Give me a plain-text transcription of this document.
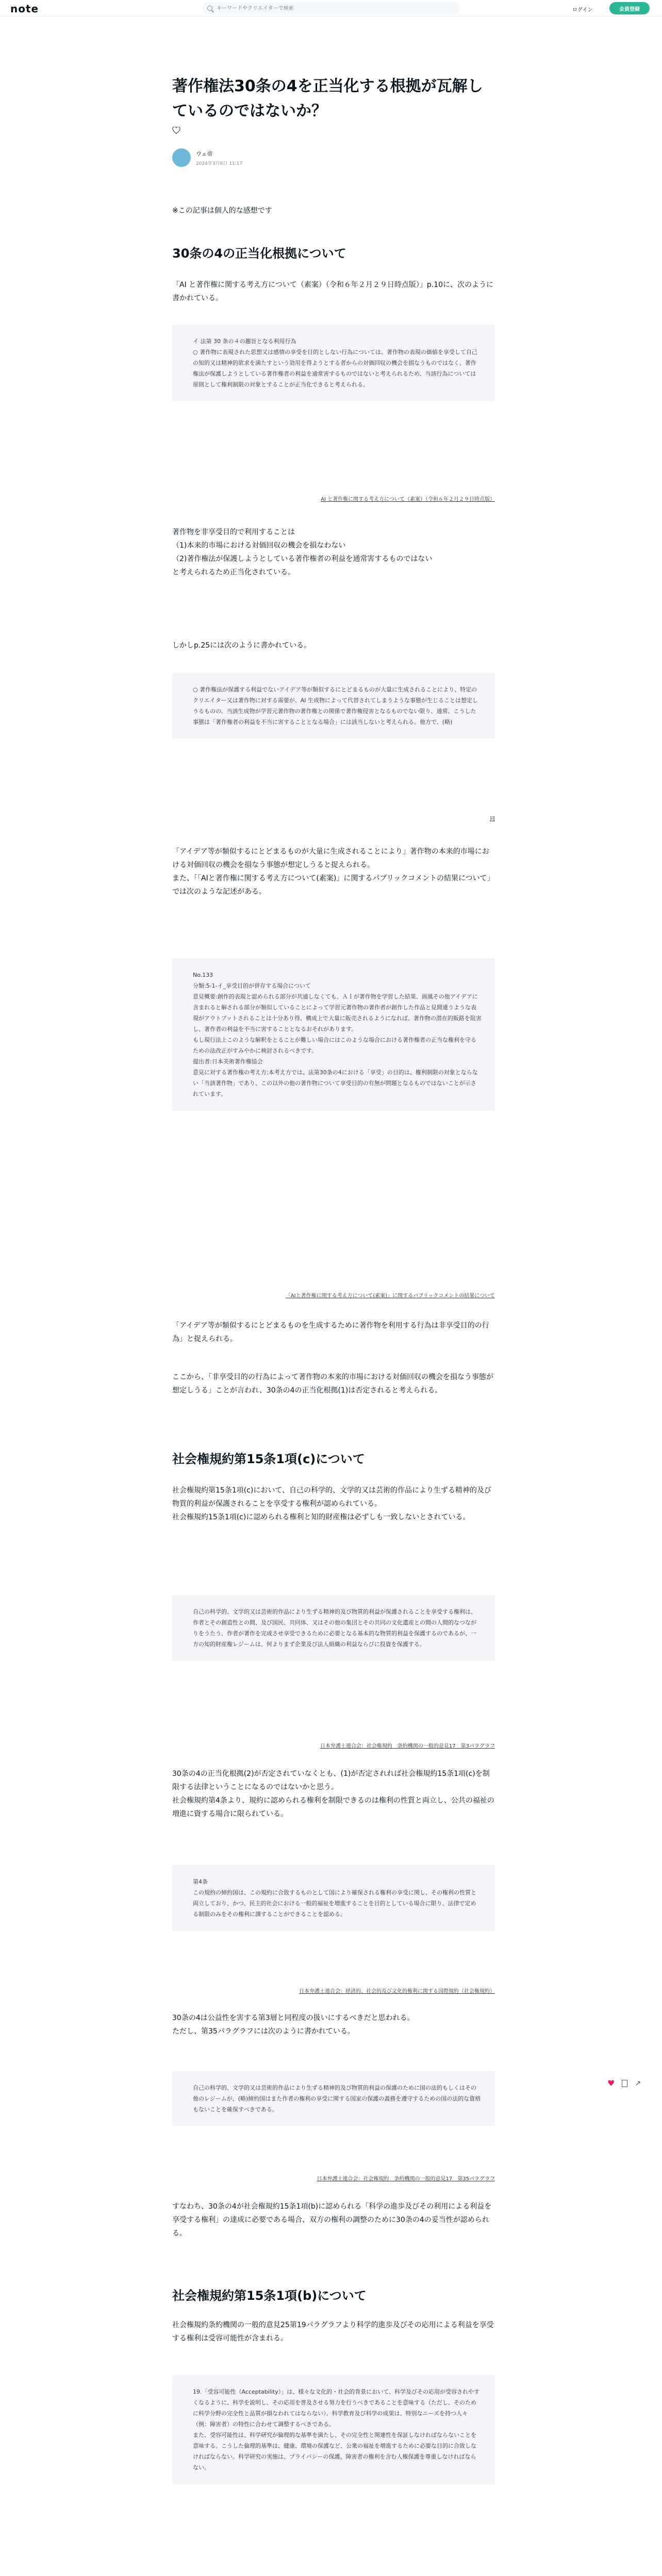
note
キーワードやクリエイターで検索	ログイン	会員登録
著作権法30条の4を正当化する根拠が瓦解しているのではないか？
ウェ帝
2024年3月6日 11:17
※この記事は個人的な感想です
30条の4の正当化根拠について
「AI と著作権に関する考え方について（素案）（令和６年２月２９日時点版）」p.10に、次のように書かれている。
イ 法第 30 条の４の趣旨となる利用行為
○ 著作物に表現された思想又は感情の享受を目的としない行為については、著作物の表現の価値を享受して自己の知的又は精神的欲求を満たすという効用を得ようとする者からの対価回収の機会を損なうものではなく、著作権法が保護しようとしている著作権者の利益を通常害するものではないと考えられるため、当該行為については原則として権利制限の対象とすることが正当化できると考えられる。
AI と著作権に関する考え方について（素案）（令和６年２月２９日時点版）
著作物を非享受目的で利用することは
（1)本来的市場における対価回収の機会を損なわない
（2)著作権法が保護しようとしている著作権者の利益を通常害するものではない
と考えられるため正当化されている。
しかしp.25には次のように書かれている。
○ 著作権法が保護する利益でないアイデア等が類似するにとどまるものが大量に生成されることにより、特定のクリエイター又は著作物に対する需要が、AI 生成物によって代替されてしまうような事態が生じることは想定しうるものの、当該生成物が学習元著作物の著作権との関係で著作権侵害となるものでない限り、通常、こうした事態は「著作権者の利益を不当に害することとなる場合」には該当しないと考えられる。他方で、(略)
同
「アイデア等が類似するにとどまるものが大量に生成されることにより」著作物の本来的市場における対価回収の機会を損なう事態が想定しうると捉えられる。
また、「「AIと著作権に関する考え方について(素案)」に関するパブリックコメントの結果について」では次のような記述がある。
No.133
分類:5-1-イ_享受目的が併存する場合について
意見概要:創作的表現と認められる部分が共通しなくても、ＡＩが著作物を学習した結果、画風その他アイデアに含まれると解される部分が類似していることによって学習元著作物の著作者が創作した作品と見間違うような表現がアウトプットされることは十分あり得、構成上で大量に販売されるようになれば、著作物の潜在的販路を阻害し、著作者の利益を不当に害することとなるおそれがあります。
もし現行法上このような解釈をとることが難しい場合にはこのような場合における著作権者の正当な権利を守るための法改正がすみやかに検討されるべきです。
提出者:日本美術著作権協会
意見に対する著作権の考え方:本考え方では、法第30条の4における「享受」の目的は、権利制限の対象とならない「当該著作物」であり、この以外の他の著作物について享受目的の有無が問題となるものではないことが示されています。
「AIと著作権に関する考え方について(素案)」に関するパブリックコメントの結果について
「アイデア等が類似するにとどまるものを生成するために著作物を利用する行為は非享受目的の行為」と捉えられる。
ここから、「非享受目的の行為によって著作物の本来的市場における対価回収の機会を損なう事態が想定しうる」ことが言われ、30条の4の正当化根拠(1)は否定されると考えられる。
社会権規約第15条1項(c)について
社会権規約第15条1項(c)において、自己の科学的、文学的又は芸術的作品により生ずる精神的及び物質的利益が保護されることを享受する権利が認められている。
社会権規約15条1項(c)に認められる権利と知的財産権は必ずしも一致しないとされている。
自己の科学的、文学的又は芸術的作品により生ずる精神的及び物質的利益が保護されることを享受する権利は、作者とその創造性との間、及び国民、共同体、又はその他の集団とその共同の文化遺産との間の人間的なつながりをうたう、作者が著作を完成させ享受できるために必要となる基本的な物質的利益を保護するのであるが、一方の知的財産権レジームは、何よりまず企業及び法人組織の利益ならびに投資を保護する。
日本弁護士連合会：社会権規約　条約機関の一般的意見17　第3パラグラフ
30条の4の正当化根拠(2)が否定されていなくとも、(1)が否定されれば社会権規約15条1項(c)を制限する法律ということになるのではないかと思う。
社会権規約第4条より、規約に認められる権利を制限できるのは権利の性質と両立し、公共の福祉の増進に資する場合に限られている。
第4条
この規約の締約国は、この規約に合致するものとして国により確保される権利の享受に関し、その権利の性質と両立しており、かつ、民主的社会における一般的福祉を増進することを目的としている場合に限り、法律で定める制限のみをその権利に課することができることを認める。
日本弁護士連合会：経済的、社会的及び文化的権利に関する国際規約（社会権規約）
30条の4は公益性を害する第3層と同程度の扱いにするべきだと思われる。
ただし、第35パラグラフには次のように書かれている。
自己の科学的、文学的又は芸術的作品により生ずる精神的及び物質的利益の保護のために国の法的もしくはその他のレジームが、(略)締約国はまた作者の権利の享受に関する国家の保護の義務を遵守するための国の法的な資格もないことを確保すべきである。
日本弁護士連合会：社会権規約　条約機関の一般的意見17　第35パラグラフ
すなわち、30条の4が社会権規約15条1項(b)に認められる「科学の進歩及びその利用による利益を享受する権利」の達成に必要である場合、双方の権利の調整のために30条の4の妥当性が認められる。
社会権規約第15条1項(b)について
社会権規約条約機関の一般的意見25第19パラグラフより科学的進歩及びその応用による利益を享受する権利は受容可能性が含まれる。
19.「受容可能性（Acceptability）」は、様々な文化的・社会的背景において、科学及びその応用が受容されやすくなるように、科学を説明し、その応用を普及させる努力を行うべきであることを意味する（ただし、そのために科学分野の完全性と品質が損なわれてはならない）。科学教育及び科学の成果は、特別なニーズを持つ人々（例：障害者）の特性に合わせて調整するべきである。
また、受容可能性は、科学研究が倫理的な基準を満たし、その完全性と関連性を保証しなければならないことを意味する。こうした倫理的基準は、健康、環境の保護など、公衆の福祉を増進するために必要な目的に合致しなければならない。科学研究の実施は、プライバシーの保護、障害者の権利を含む人権保護を尊重しなければならない。
♥	↗
